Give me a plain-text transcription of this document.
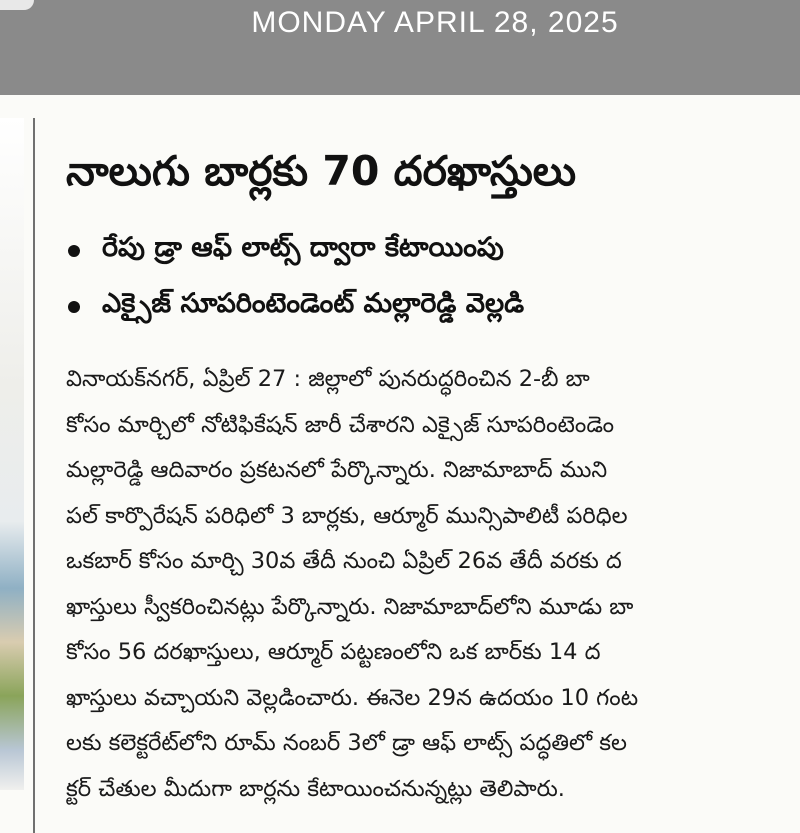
MONDAY APRIL 28, 2025
నాలుగు బార్లకు 70 దరఖాస్తులు
రేపు డ్రా ఆఫ్ లాట్స్ ద్వారా కేటాయింపు
ఎక్సైజ్ సూపరింటెండెంట్ మల్లారెడ్డి వెల్లడి
వినాయక్‌నగర్, ఏప్రిల్ 27 : జిల్లాలో పునరుద్ధరించిన 2-బీ బా
కోసం మార్చిలో నోటిఫికేషన్ జారీ చేశారని ఎక్సైజ్ సూపరింటెండెం
మల్లారెడ్డి ఆదివారం ప్రకటనలో పేర్కొన్నారు. నిజామాబాద్ ముని
పల్ కార్పొరేషన్ పరిధిలో 3 బార్లకు, ఆర్మూర్ మున్సిపాలిటీ పరిధిల
ఒకబార్ కోసం మార్చి 30వ తేదీ నుంచి ఏప్రిల్ 26వ తేదీ వరకు ద
ఖాస్తులు స్వీకరించినట్లు పేర్కొన్నారు. నిజామాబాద్‌లోని మూడు బా
కోసం 56 దరఖాస్తులు, ఆర్మూర్ పట్టణంలోని ఒక బార్‌కు 14 ద
ఖాస్తులు వచ్చాయని వెల్లడించారు. ఈనెల 29న ఉదయం 10 గంట
లకు కలెక్టరేట్‌లోని రూమ్ నంబర్ 3లో డ్రా ఆఫ్ లాట్స్ పద్ధతిలో కల
క్టర్ చేతుల మీదుగా బార్లను కేటాయించనున్నట్లు తెలిపారు.
